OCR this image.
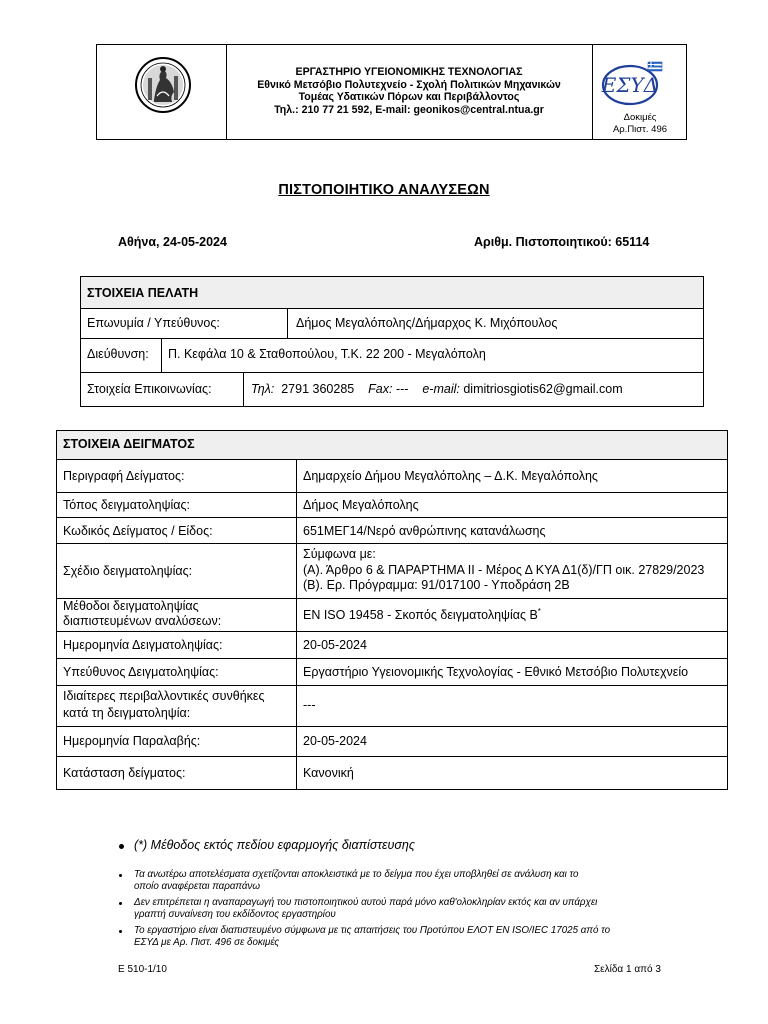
ΕΡΓΑΣΤΗΡΙΟ ΥΓΕΙΟΝΟΜΙΚΗΣ ΤΕΧΝΟΛΟΓΙΑΣ
Εθνικό Μετσόβιο Πολυτεχνείο - Σχολή Πολιτικών Μηχανικών
Τομέας Υδατικών Πόρων και Περιβάλλοντος
Τηλ.: 210 77 21 592, E-mail: geonikos@central.ntua.gr
ΕΣΥΔ
Δοκιμές
Αρ.Πιστ. 496
ΠΙΣΤΟΠΟΙΗΤΙΚΟ ΑΝΑΛΥΣΕΩΝ
Αθήνα, 24-05-2024	Αριθμ. Πιστοποιητικού: 65114
ΣΤΟΙΧΕΙΑ ΠΕΛΑΤΗ
Επωνυμία / Υπεύθυνος:	Δήμος Μεγαλόπολης/Δήμαρχος Κ. Μιχόπουλος
Διεύθυνση: Π. Κεφάλα 10 & Σταθοπούλου, Τ.Κ. 22 200 - Μεγαλόπολη
Στοιχεία Επικοινωνίας:	Τηλ: 2791 360285 Fax: --- e-mail: dimitriosgiotis62@gmail.com
ΣΤΟΙΧΕΙΑ ΔΕΙΓΜΑΤΟΣ
Περιγραφή Δείγματος:	Δημαρχείο Δήμου Μεγαλόπολης – Δ.Κ. Μεγαλόπολης
Τόπος δειγματοληψίας:	Δήμος Μεγαλόπολης
Κωδικός Δείγματος / Είδος:	651ΜΕΓ14/Νερό ανθρώπινης κατανάλωσης
Σχέδιο δειγματοληψίας:
Σύμφωνα με:
(Α). Άρθρο 6 & ΠΑΡΑΡΤΗΜΑ ΙΙ - Μέρος Δ ΚΥΑ Δ1(δ)/ΓΠ οικ. 27829/2023
(Β). Ερ. Πρόγραμμα: 91/017100 - Υποδράση 2Β
Μέθοδοι δειγματοληψίας
διαπιστευμένων αναλύσεων:	EN ISO 19458 - Σκοπός δειγματοληψίας Β*
Ημερομηνία Δειγματοληψίας:	20-05-2024
Υπεύθυνος Δειγματοληψίας:	Εργαστήριο Υγειονομικής Τεχνολογίας - Εθνικό Μετσόβιο Πολυτεχνείο
Ιδιαίτερες περιβαλλοντικές συνθήκες
κατά τη δειγματοληψία:
---
Ημερομηνία Παραλαβής:	20-05-2024
Κατάσταση δείγματος:	Κανονική
(*) Μέθοδος εκτός πεδίου εφαρμογής διαπίστευσης
Τα ανωτέρω αποτελέσματα σχετίζονται αποκλειστικά με το δείγμα που έχει υποβληθεί σε ανάλυση και το
οποίο αναφέρεται παραπάνω
Δεν επιτρέπεται η αναπαραγωγή του πιστοποιητικού αυτού παρά μόνο καθ'ολοκληρίαν εκτός και αν υπάρχει
γραπτή συναίνεση του εκδίδοντος εργαστηρίου
Το εργαστήριο είναι διαπιστευμένο σύμφωνα με τις απαιτήσεις του Προτύπου ΕΛΟΤ ΕΝ ISO/IEC 17025 από το
ΕΣΥΔ με Αρ. Πιστ. 496 σε δοκιμές
E 510-1/10	Σελίδα 1 από 3
